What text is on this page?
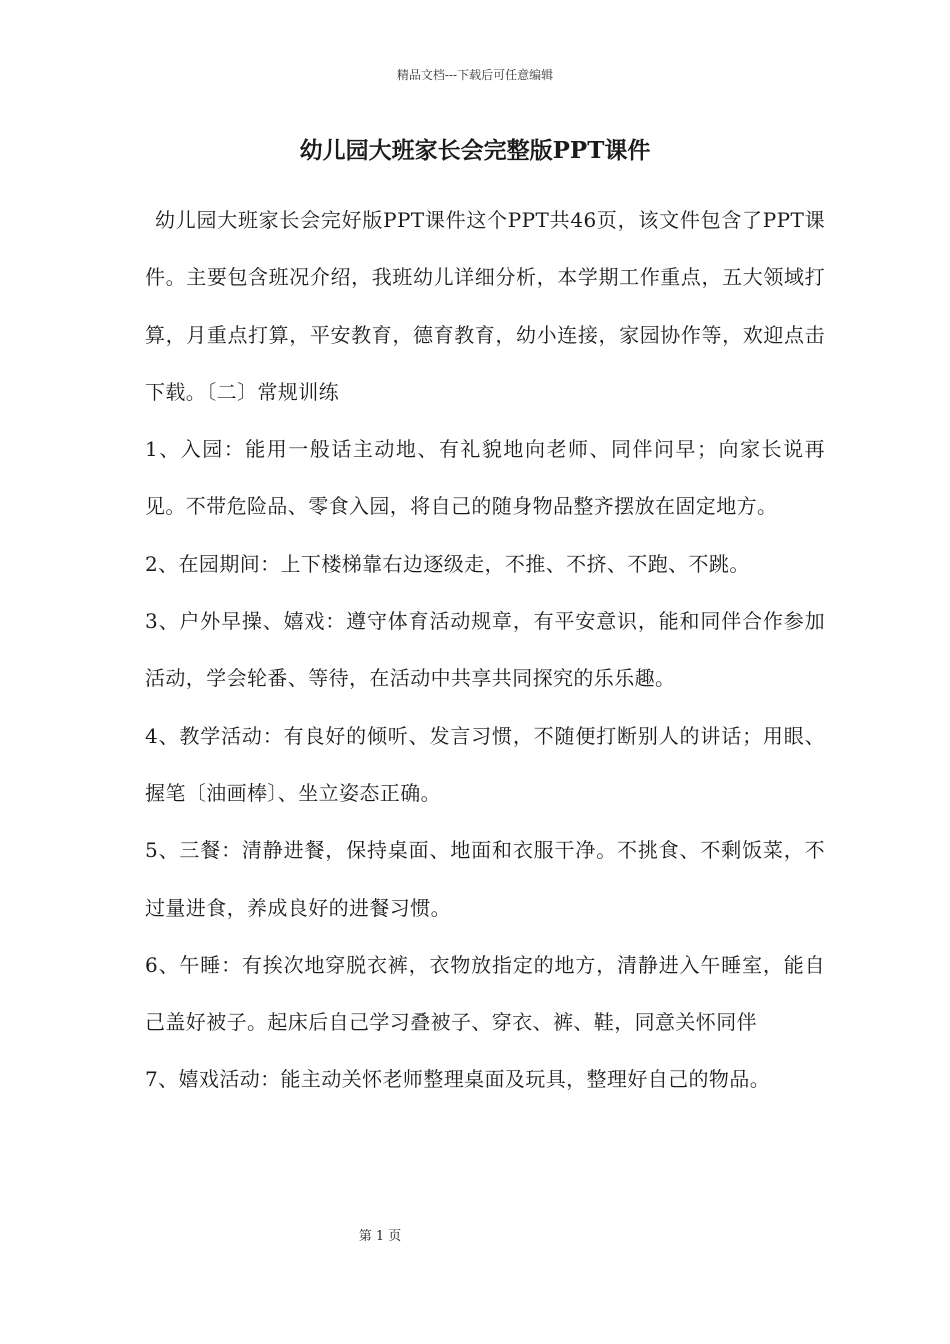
精品文档---下载后可任意编辑
幼儿园大班家长会完整版PPT课件

幼儿园大班家长会完好版PPT课件这个PPT共46页，该文件包含了PPT课件。主要包含班况介绍，我班幼儿详细分析，本学期工作重点，五大领域打算，月重点打算，平安教育，德育教育，幼小连接，家园协作等，欢迎点击下载。〔二〕常规训练

1、入园：能用一般话主动地、有礼貌地向老师、同伴问早；向家长说再见。不带危险品、零食入园，将自己的随身物品整齐摆放在固定地方。

2、在园期间：上下楼梯靠右边逐级走，不推、不挤、不跑、不跳。

3、户外早操、嬉戏：遵守体育活动规章，有平安意识，能和同伴合作参加活动，学会轮番、等待，在活动中共享共同探究的乐乐趣。

4、教学活动：有良好的倾听、发言习惯，不随便打断别人的讲话；用眼、握笔〔油画棒〕、坐立姿态正确。

5、三餐：清静进餐，保持桌面、地面和衣服干净。不挑食、不剩饭菜，不过量进食，养成良好的进餐习惯。

6、午睡：有挨次地穿脱衣裤，衣物放指定的地方，清静进入午睡室，能自己盖好被子。起床后自己学习叠被子、穿衣、裤、鞋，同意关怀同伴

7、嬉戏活动：能主动关怀老师整理桌面及玩具，整理好自己的物品。

第 1 页
